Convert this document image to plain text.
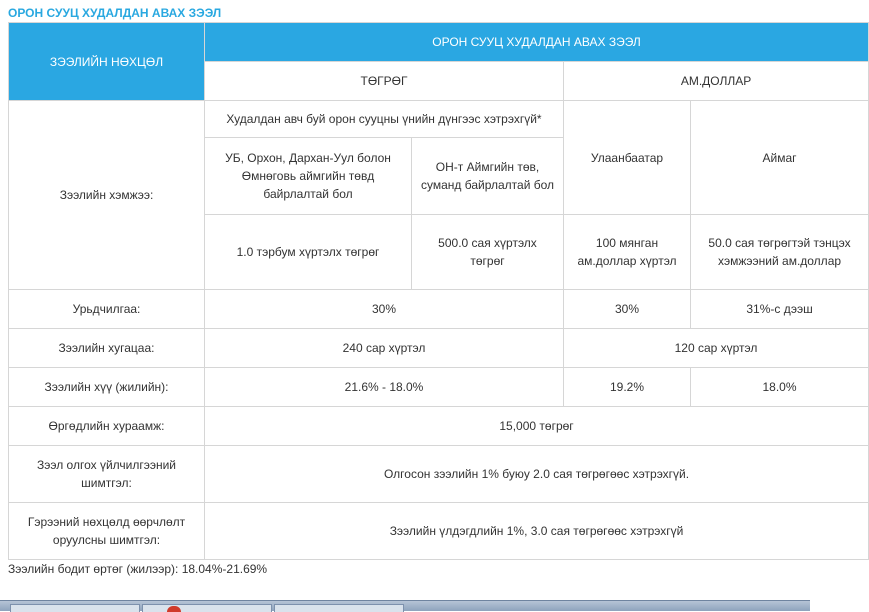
ОРОН СУУЦ ХУДАЛДАН АВАХ ЗЭЭЛ
ЗЭЭЛИЙН НӨХЦӨЛ	ОРОН СУУЦ ХУДАЛДАН АВАХ ЗЭЭЛ			
	ТӨГРӨГ		АМ.ДОЛЛАР	
Зээлийн хэмжээ:	Худалдан авч буй орон сууцны үнийн дүнгээс хэтрэхгүй*		Улаанбаатар	Аймаг
	УБ, Орхон, Дархан-Уул болон Өмнөговь аймгийн төвд байрлалтай бол	ОН-т Аймгийн төв, суманд байрлалтай бол		
	1.0 тэрбум хүртэлх төгрөг	500.0 сая хүртэлх төгрөг	100 мянган ам.доллар хүртэл	50.0 сая төгрөгтэй тэнцэх хэмжээний ам.доллар
Урьдчилгаа:	30%		30%	31%-с дээш
Зээлийн хугацаа:	240 сар хүртэл		120 сар хүртэл	
Зээлийн хүү (жилийн):	21.6% - 18.0%		19.2%	18.0%
Өргөдлийн хураамж:	15,000 төгрөг			
Зээл олгох үйлчилгээний шимтгэл:	Олгосон зээлийн 1% буюу 2.0 сая төгрөгөөс хэтрэхгүй.			
Гэрээний нөхцөлд өөрчлөлт оруулсны шимтгэл:	Зээлийн үлдэгдлийн 1%, 3.0 сая төгрөгөөс хэтрэхгүй			
Зээлийн бодит өртөг (жилээр): 18.04%-21.69%
